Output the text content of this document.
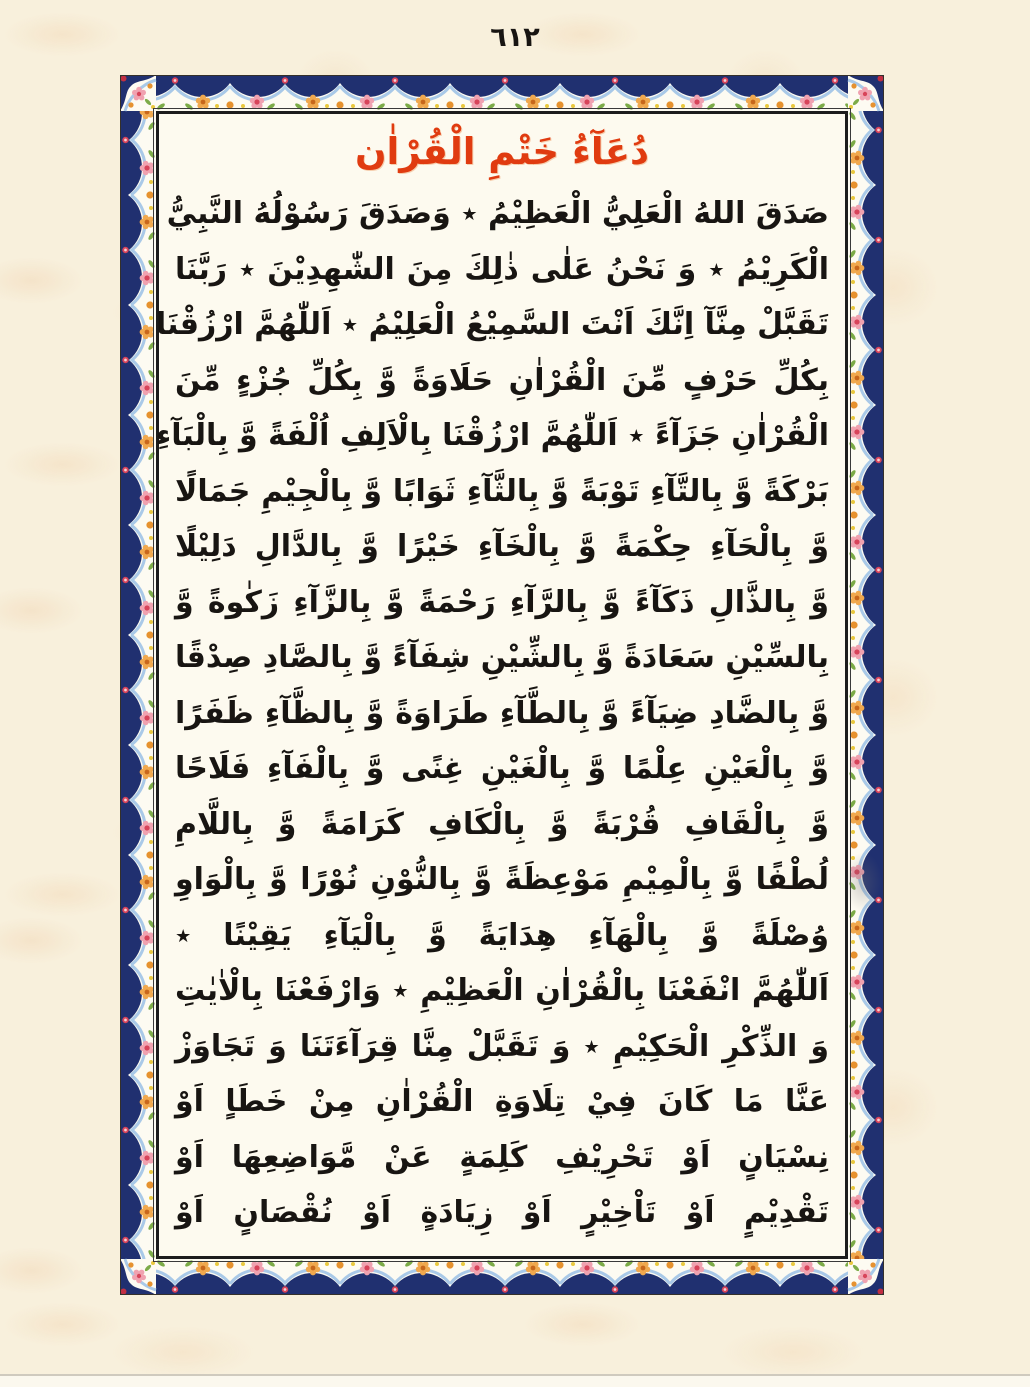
٦١٢
دُعَآءُ خَتْمِ الْقُرْاٰن
صَدَقَ اللهُ الْعَلِيُّ الْعَظِيْمُ ٭ وَصَدَقَ رَسُوْلُهُ النَّبِيُّ
الْكَرِيْمُ ٭ وَ نَحْنُ عَلٰى ذٰلِكَ مِنَ الشّٰهِدِيْنَ ٭ رَبَّنَا
تَقَبَّلْ مِنَّآ اِنَّكَ اَنْتَ السَّمِيْعُ الْعَلِيْمُ ٭ اَللّٰهُمَّ ارْزُقْنَا
بِكُلِّ حَرْفٍ مِّنَ الْقُرْاٰنِ حَلَاوَةً وَّ بِكُلِّ جُزْءٍ مِّنَ
الْقُرْاٰنِ جَزَآءً ٭ اَللّٰهُمَّ ارْزُقْنَا بِالْاَلِفِ اُلْفَةً وَّ بِالْبَآءِ
بَرْكَةً وَّ بِالتَّآءِ تَوْبَةً وَّ بِالثَّآءِ ثَوَابًا وَّ بِالْجِيْمِ جَمَالًا
وَّ بِالْحَآءِ حِكْمَةً وَّ بِالْخَآءِ خَيْرًا وَّ بِالدَّالِ دَلِيْلًا
وَّ بِالذَّالِ ذَكَآءً وَّ بِالرَّآءِ رَحْمَةً وَّ بِالزَّآءِ زَكٰوةً وَّ
بِالسِّيْنِ سَعَادَةً وَّ بِالشِّيْنِ شِفَآءً وَّ بِالصَّادِ صِدْقًا
وَّ بِالضَّادِ ضِيَآءً وَّ بِالطَّآءِ طَرَاوَةً وَّ بِالظَّآءِ ظَفَرًا
وَّ بِالْعَيْنِ عِلْمًا وَّ بِالْغَيْنِ غِنًى وَّ بِالْفَآءِ فَلَاحًا
وَّ بِالْقَافِ قُرْبَةً وَّ بِالْكَافِ كَرَامَةً وَّ بِاللَّامِ
لُطْفًا وَّ بِالْمِيْمِ مَوْعِظَةً وَّ بِالنُّوْنِ نُوْرًا وَّ بِالْوَاوِ
وُصْلَةً وَّ بِالْهَآءِ هِدَايَةً وَّ بِالْيَآءِ يَقِيْنًا ٭
اَللّٰهُمَّ انْفَعْنَا بِالْقُرْاٰنِ الْعَظِيْمِ ٭ وَارْفَعْنَا بِالْاٰيٰتِ
وَ الذِّكْرِ الْحَكِيْمِ ٭ وَ تَقَبَّلْ مِنَّا قِرَآءَتَنَا وَ تَجَاوَزْ
عَنَّا مَا كَانَ فِيْ تِلَاوَةِ الْقُرْاٰنِ مِنْ خَطَاٍ اَوْ
نِسْيَانٍ اَوْ تَحْرِيْفِ كَلِمَةٍ عَنْ مَّوَاضِعِهَا اَوْ
تَقْدِيْمٍ اَوْ تَاْخِيْرٍ اَوْ زِيَادَةٍ اَوْ نُقْصَانٍ اَوْ
